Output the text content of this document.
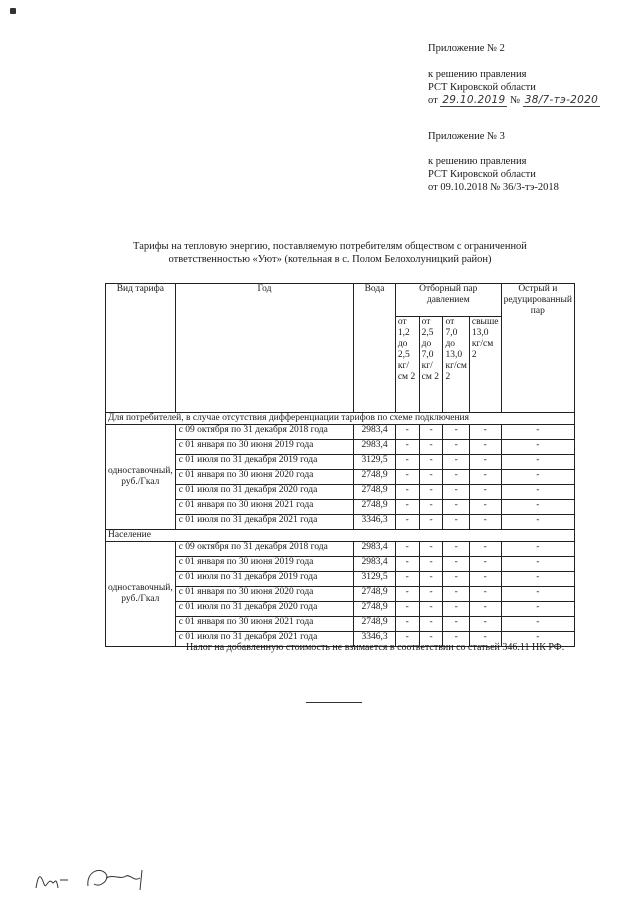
Приложение № 2
к решению правления
РСТ Кировской области
от 29.10.2019 № 38/7-тэ-2020
Приложение № 3
к решению правления
РСТ Кировской области
от 09.10.2018 № 36/3-тэ-2018
Тарифы на тепловую энергию, поставляемую потребителям обществом с ограниченной
ответственностью «Уют» (котельная в с. Полом Белохолуницкий район)
Вид тарифа	Год	Вода	Отборный пар давлением				Острый и редуцированный пар
			от 1,2 до 2,5 кг/см 2	от 2,5 до 7,0 кг/см 2	от 7,0 до 13,0 кг/см 2	свыше 13,0 кг/см 2	
Для потребителей, в случае отсутствия дифференциации тарифов по схеме подключения							
одноставочный, руб./Гкал	с 09 октября по 31 декабря 2018 года	2983,4	-	-	-	-	-
	с 01 января по 30 июня 2019 года	2983,4	-	-	-	-	-
	с 01 июля по 31 декабря 2019 года	3129,5	-	-	-	-	-
	с 01 января по 30 июня 2020 года	2748,9	-	-	-	-	-
	с 01 июля по 31 декабря 2020 года	2748,9	-	-	-	-	-
	с 01 января по 30 июня 2021 года	2748,9	-	-	-	-	-
	с 01 июля по 31 декабря 2021 года	3346,3	-	-	-	-	-
Население							
одноставочный, руб./Гкал	с 09 октября по 31 декабря 2018 года	2983,4	-	-	-	-	-
	с 01 января по 30 июня 2019 года	2983,4	-	-	-	-	-
	с 01 июля по 31 декабря 2019 года	3129,5	-	-	-	-	-
	с 01 января по 30 июня 2020 года	2748,9	-	-	-	-	-
	с 01 июля по 31 декабря 2020 года	2748,9	-	-	-	-	-
	с 01 января по 30 июня 2021 года	2748,9	-	-	-	-	-
	с 01 июля по 31 декабря 2021 года	3346,3	-	-	-	-	-
Налог на добавленную стоимость не взимается в соответствии со статьей 346.11 НК РФ.
